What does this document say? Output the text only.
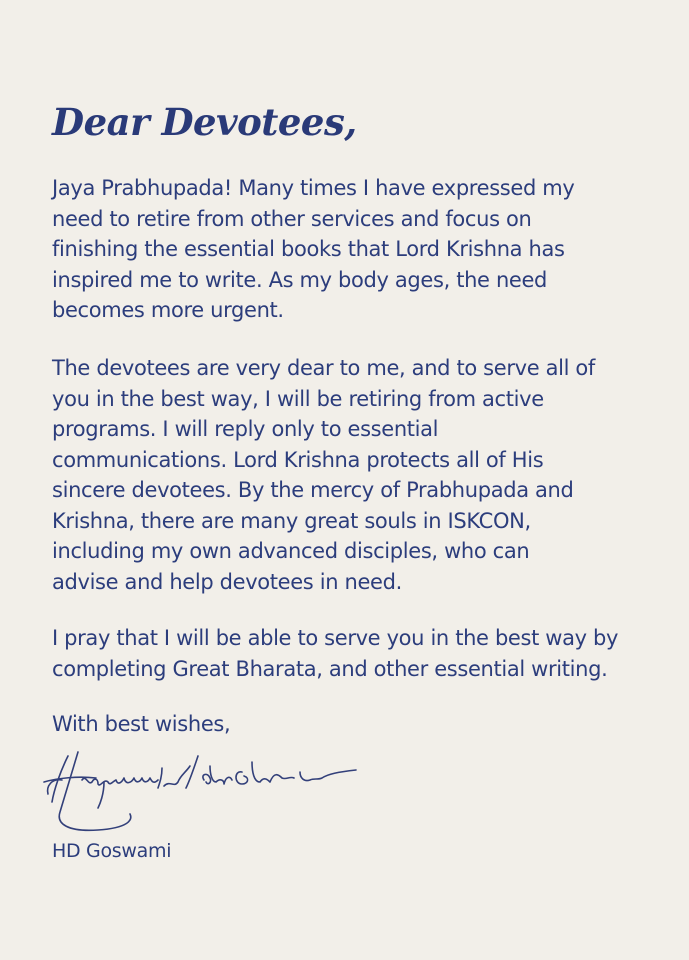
Dear Devotees,
Jaya Prabhupada! Many times I have expressed my
need to retire from other services and focus on
finishing the essential books that Lord Krishna has
inspired me to write. As my body ages, the need
becomes more urgent.
The devotees are very dear to me, and to serve all of
you in the best way, I will be retiring from active
programs. I will reply only to essential
communications. Lord Krishna protects all of His
sincere devotees. By the mercy of Prabhupada and
Krishna, there are many great souls in ISKCON,
including my own advanced disciples, who can
advise and help devotees in need.
I pray that I will be able to serve you in the best way by
completing Great Bharata, and other essential writing.
With best wishes,
HD Goswami
